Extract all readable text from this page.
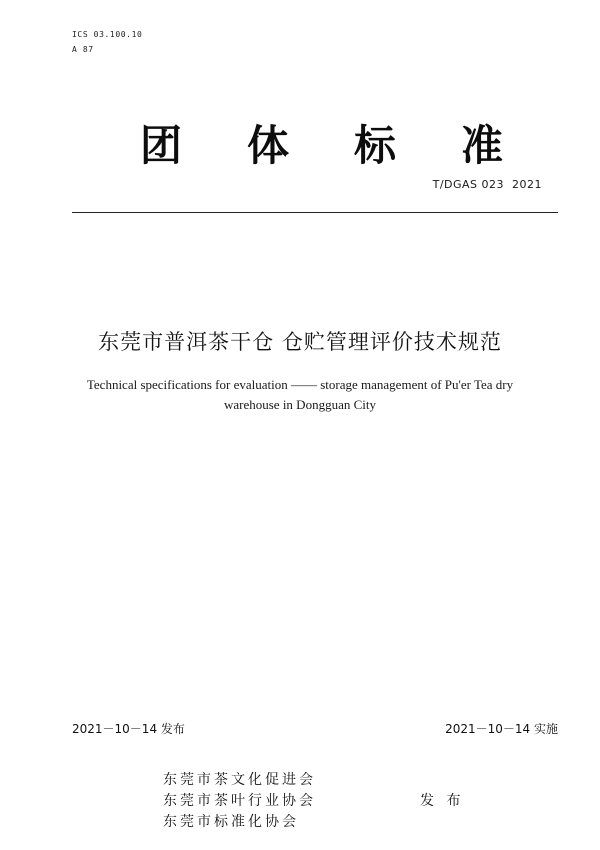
ICS 03.100.10
A 87
团 体 标 准
T/DGAS 023  2021
东莞市普洱茶干仓 仓贮管理评价技术规范
Technical specifications for evaluation —— storage management of Pu'er Tea dry warehouse in Dongguan City
2021－10－14 发布	2021－10－14 实施
东莞市茶文化促进会
东莞市茶叶行业协会
东莞市标准化协会
发 布
